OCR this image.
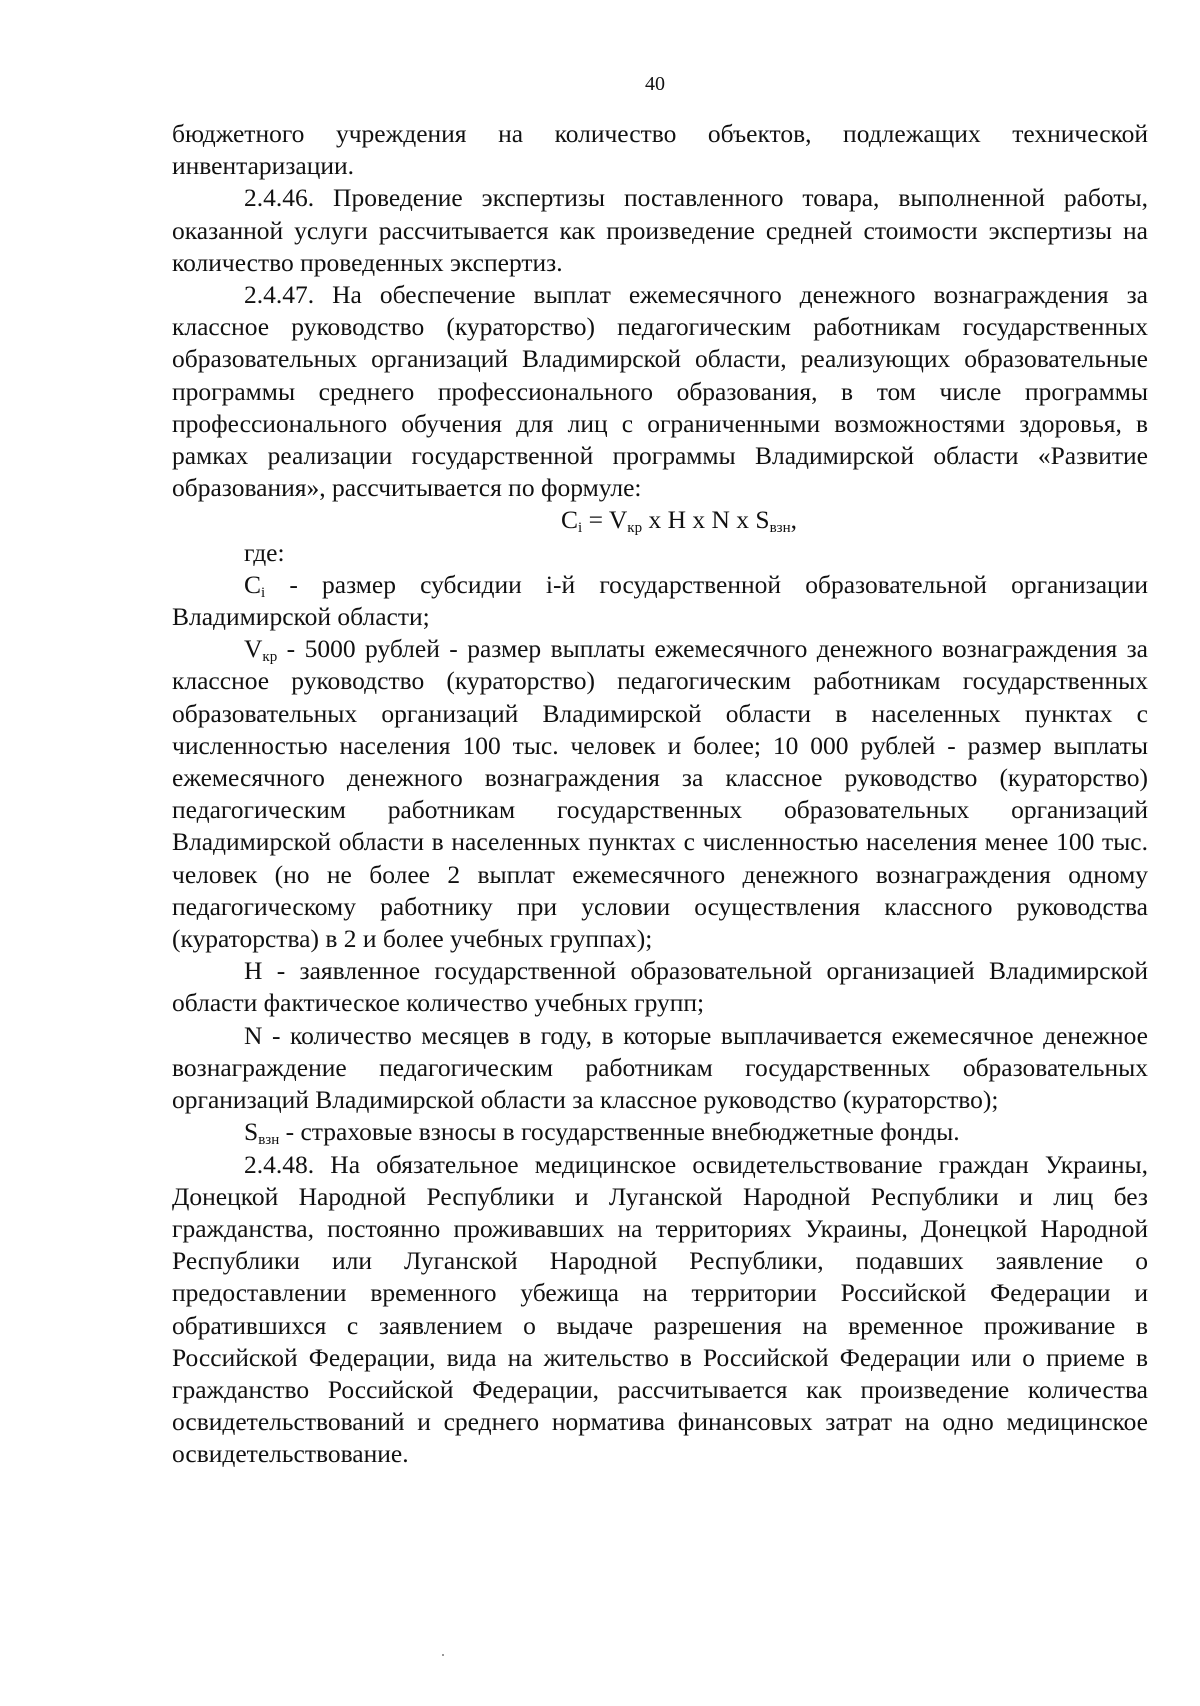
40

бюджетного учреждения на количество объектов, подлежащих технической инвентаризации.

2.4.46. Проведение экспертизы поставленного товара, выполненной работы, оказанной услуги рассчитывается как произведение средней стоимости экспертизы на количество проведенных экспертиз.

2.4.47. На обеспечение выплат ежемесячного денежного вознаграждения за классное руководство (кураторство) педагогическим работникам государственных образовательных организаций Владимирской области, реализующих образовательные программы среднего профессионального образования, в том числе программы профессионального обучения для лиц с ограниченными возможностями здоровья, в рамках реализации государственной программы Владимирской области «Развитие образования», рассчитывается по формуле:

$C_i = V_{кр}$ x H x N x $S_{взн}$,

где:

$C_i$ - размер субсидии i-й государственной образовательной организации Владимирской области;

$V_{кр} - 5000$ рублей - размер выплаты ежемесячного денежного вознаграждения за классное руководство (кураторство) педагогическим работникам государственных образовательных организаций Владимирской области в населенных пунктах с численностью населения 100 тыс. человек и более; 10 000 рублей - размер выплаты ежемесячного денежного вознаграждения за классное руководство (кураторство) педагогическим работникам государственных образовательных организаций Владимирской области в населенных пунктах с численностью населения менее 100 тыс. человек (но не более 2 выплат ежемесячного денежного вознаграждения одному педагогическому работнику при условии осуществления классного руководства (кураторства) в 2 и более учебных группах);

Н - заявленное государственной образовательной организацией Владимирской области фактическое количество учебных групп;

N - количество месяцев в году, в которые выплачивается ежемесячное денежное вознаграждение педагогическим работникам государственных образовательных организаций Владимирской области за классное руководство (кураторство);

$S_{взн}$ - страховые взносы в государственные внебюджетные фонды.

2.4.48. На обязательное медицинское освидетельствование граждан Украины, Донецкой Народной Республики и Луганской Народной Республики и лиц без гражданства, постоянно проживавших на территориях Украины, Донецкой Народной Республики или Луганской Народной Республики, подавших заявление о предоставлении временного убежища на территории Российской Федерации и обратившихся с заявлением о выдаче разрешения на временное проживание в Российской Федерации, вида на жительство в Российской Федерации или о приеме в гражданство Российской Федерации, рассчитывается как произведение количества освидетельствований и среднего норматива финансовых затрат на одно медицинское освидетельствование.
